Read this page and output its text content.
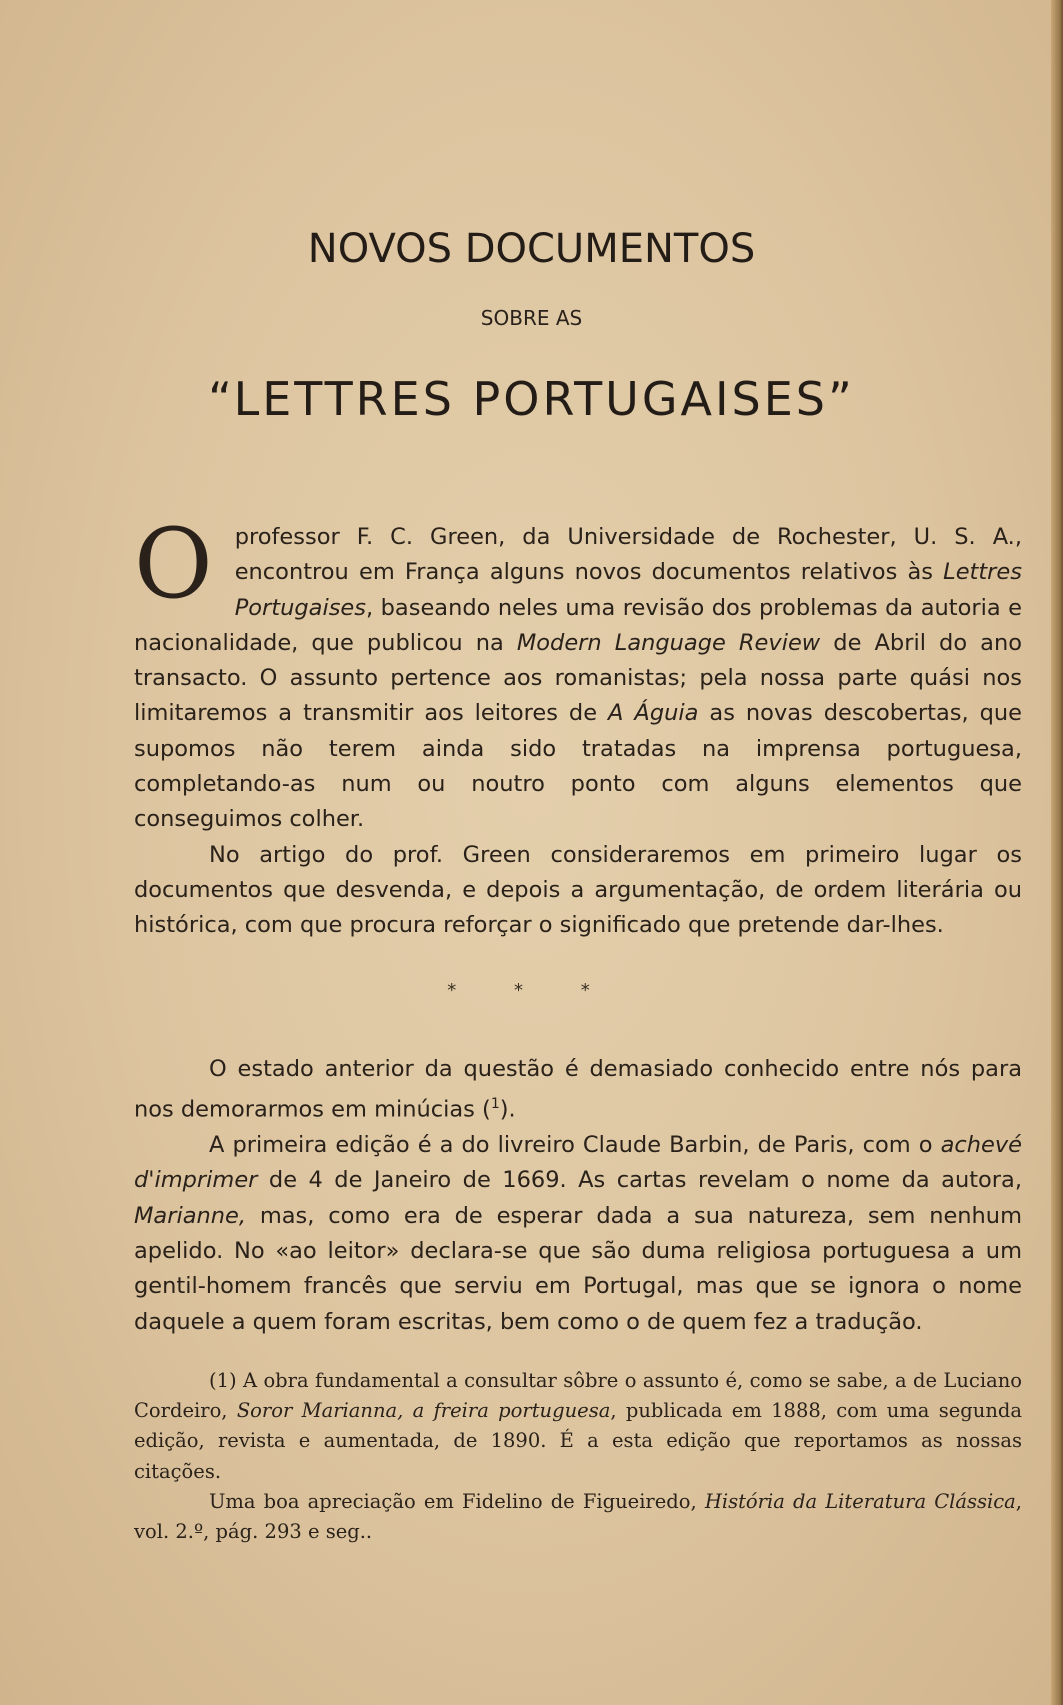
NOVOS DOCUMENTOS
SOBRE AS
“LETTRES PORTUGAISES”

O professor F. C. Green, da Universidade de Rochester, U. S. A., encontrou em França alguns novos documentos relativos às Lettres Portugaises, baseando neles uma revisão dos problemas da autoria e nacionalidade, que publicou na Modern Language Review de Abril do ano transacto. O assunto pertence aos romanistas; pela nossa parte quási nos limitaremos a transmitir aos leitores de A Águia as novas descobertas, que supomos não terem ainda sido tratadas na imprensa portuguesa, completando-as num ou noutro ponto com alguns elementos que conseguimos colher.

No artigo do prof. Green consideraremos em primeiro lugar os documentos que desvenda, e depois a argumentação, de ordem literária ou histórica, com que procura reforçar o significado que pretende dar-lhes.

* * *

O estado anterior da questão é demasiado conhecido entre nós para nos demorarmos em minúcias ($^1$).

A primeira edição é a do livreiro Claude Barbin, de Paris, com o achevé d'imprimer de 4 de Janeiro de 1669. As cartas revelam o nome da autora, Marianne, mas, como era de esperar dada a sua natureza, sem nenhum apelido. No «ao leitor» declara-se que são duma religiosa portuguesa a um gentil-homem francês que serviu em Portugal, mas que se ignora o nome daquele a quem foram escritas, bem como o de quem fez a tradução.

(1) A obra fundamental a consultar sôbre o assunto é, como se sabe, a de Luciano Cordeiro, Soror Marianna, a freira portuguesa, publicada em 1888, com uma segunda edição, revista e aumentada, de 1890. É a esta edição que reportamos as nossas citações.

Uma boa apreciação em Fidelino de Figueiredo, História da Literatura Clássica, vol. 2.º, pág. 293 e seg..
